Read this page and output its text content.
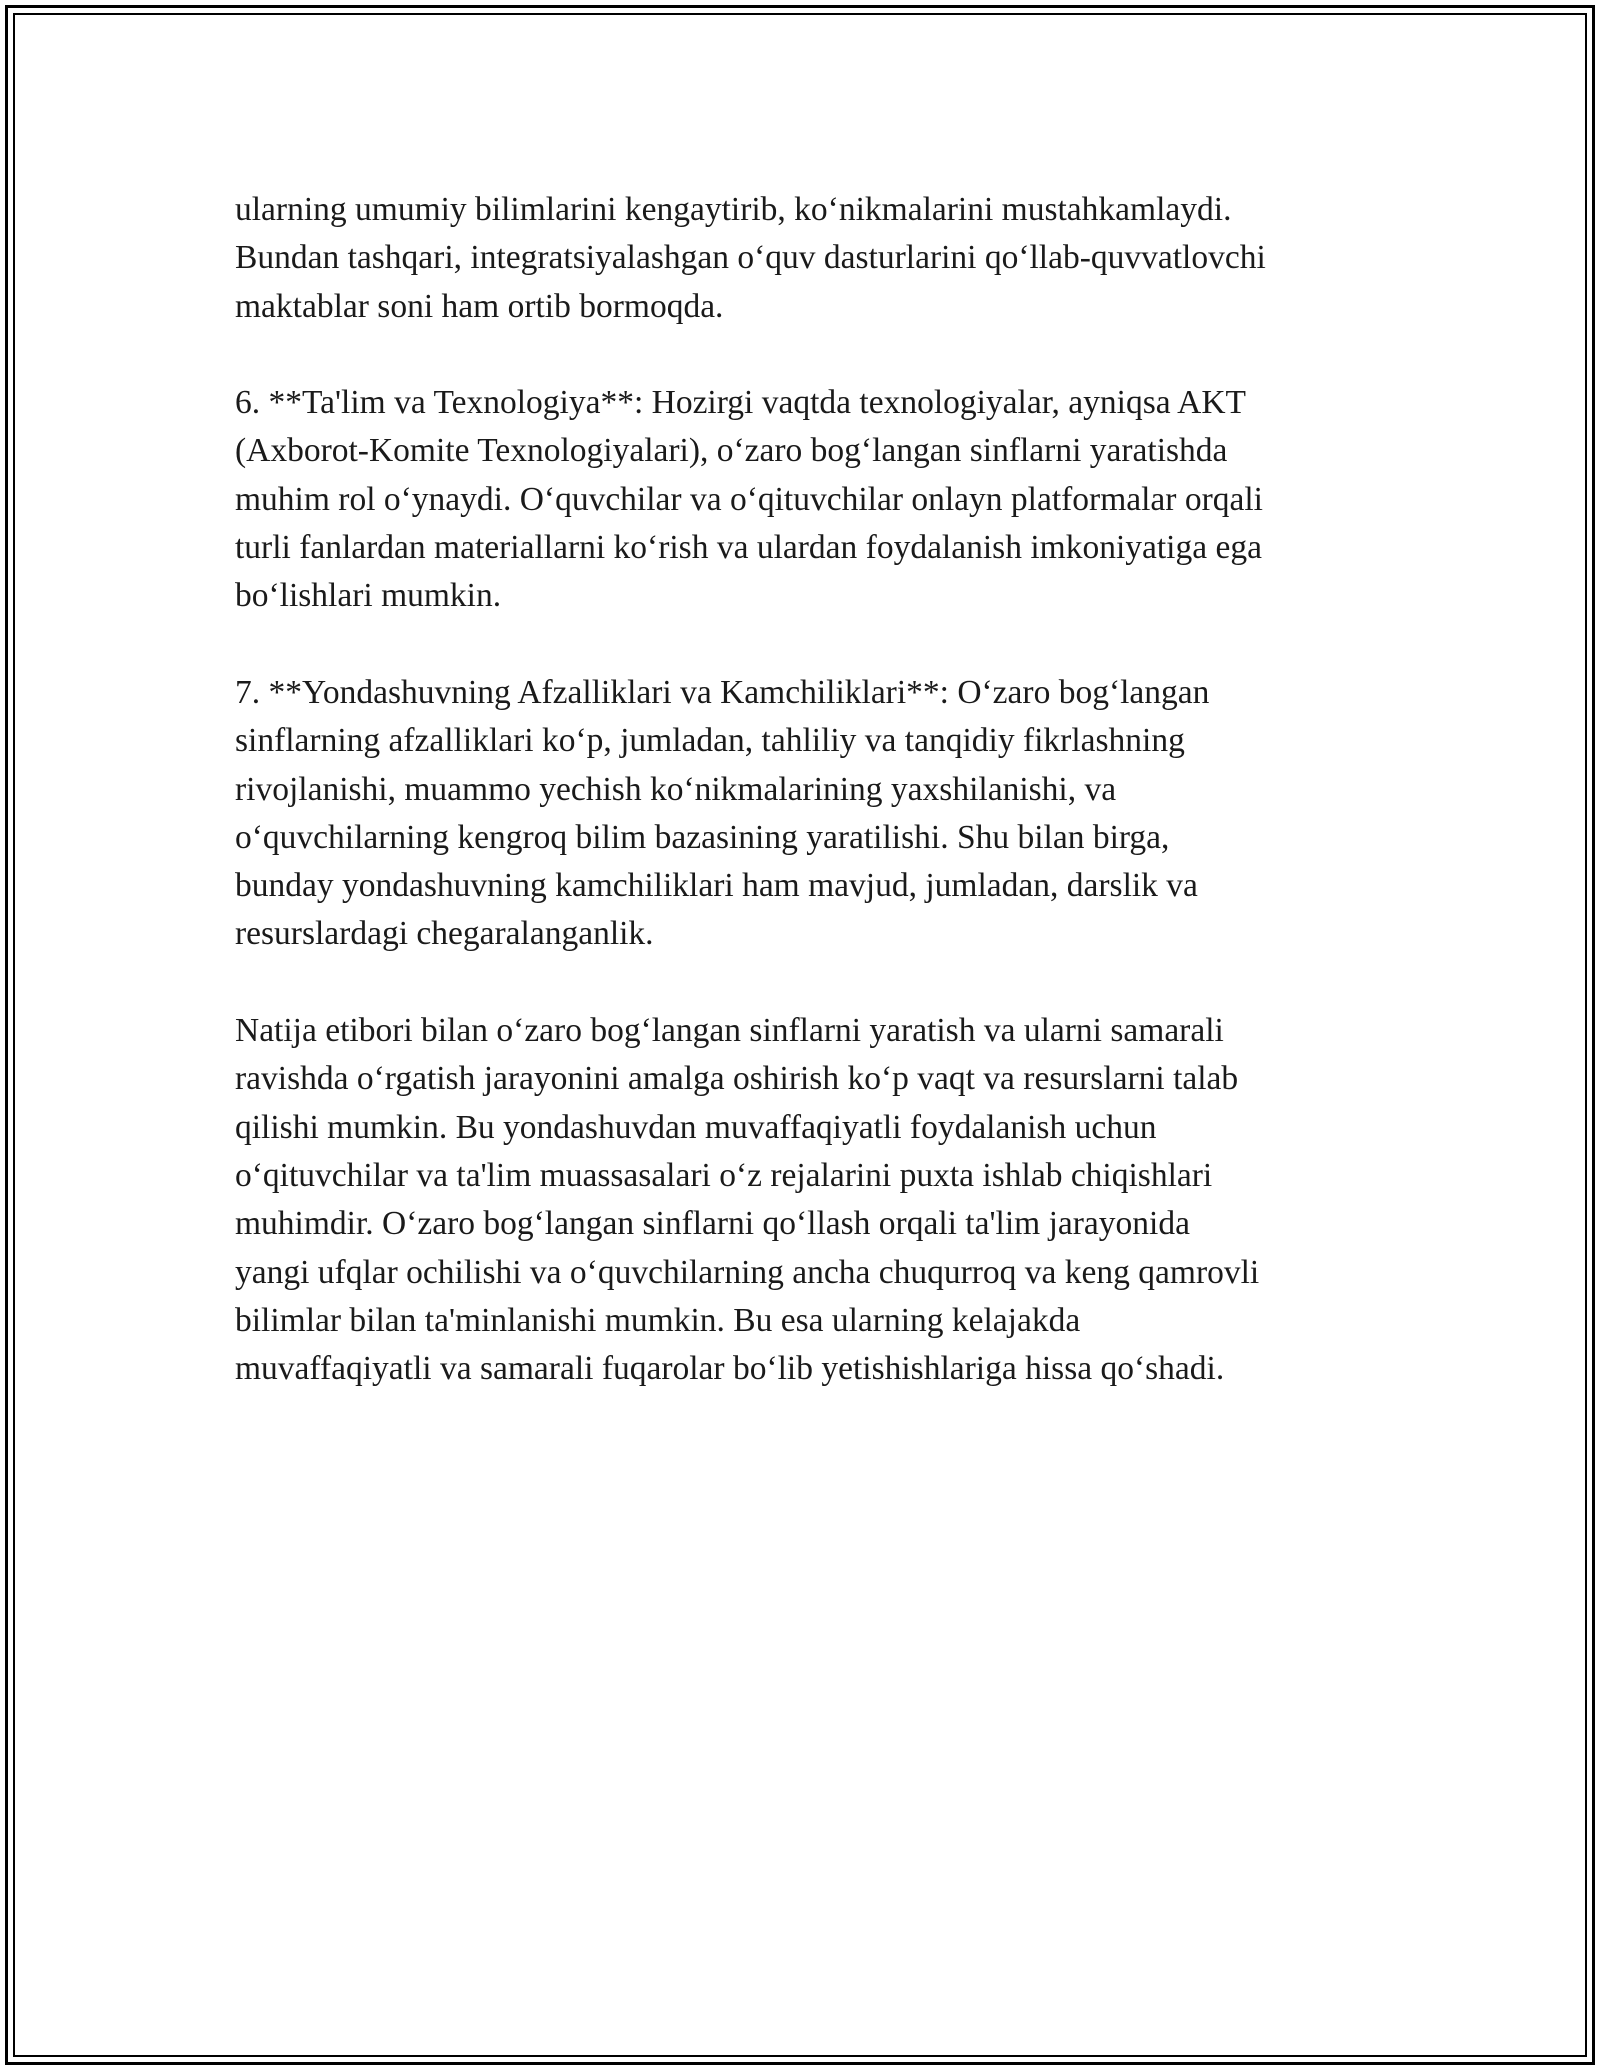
ularning umumiy bilimlarini kengaytirib, ko‘nikmalarini mustahkamlaydi.
Bundan tashqari, integratsiyalashgan o‘quv dasturlarini qo‘llab-quvvatlovchi
maktablar soni ham ortib bormoqda.

6. **Ta'lim va Texnologiya**: Hozirgi vaqtda texnologiyalar, ayniqsa AKT
(Axborot-Komite Texnologiyalari), o‘zaro bog‘langan sinflarni yaratishda
muhim rol o‘ynaydi. O‘quvchilar va o‘qituvchilar onlayn platformalar orqali
turli fanlardan materiallarni ko‘rish va ulardan foydalanish imkoniyatiga ega
bo‘lishlari mumkin.

7. **Yondashuvning Afzalliklari va Kamchiliklari**: O‘zaro bog‘langan
sinflarning afzalliklari ko‘p, jumladan, tahliliy va tanqidiy fikrlashning
rivojlanishi, muammo yechish ko‘nikmalarining yaxshilanishi, va
o‘quvchilarning kengroq bilim bazasining yaratilishi. Shu bilan birga,
bunday yondashuvning kamchiliklari ham mavjud, jumladan, darslik va
resurslardagi chegaralanganlik.

Natija etibori bilan o‘zaro bog‘langan sinflarni yaratish va ularni samarali
ravishda o‘rgatish jarayonini amalga oshirish ko‘p vaqt va resurslarni talab
qilishi mumkin. Bu yondashuvdan muvaffaqiyatli foydalanish uchun
o‘qituvchilar va ta'lim muassasalari o‘z rejalarini puxta ishlab chiqishlari
muhimdir. O‘zaro bog‘langan sinflarni qo‘llash orqali ta'lim jarayonida
yangi ufqlar ochilishi va o‘quvchilarning ancha chuqurroq va keng qamrovli
bilimlar bilan ta'minlanishi mumkin. Bu esa ularning kelajakda
muvaffaqiyatli va samarali fuqarolar bo‘lib yetishishlariga hissa qo‘shadi.
